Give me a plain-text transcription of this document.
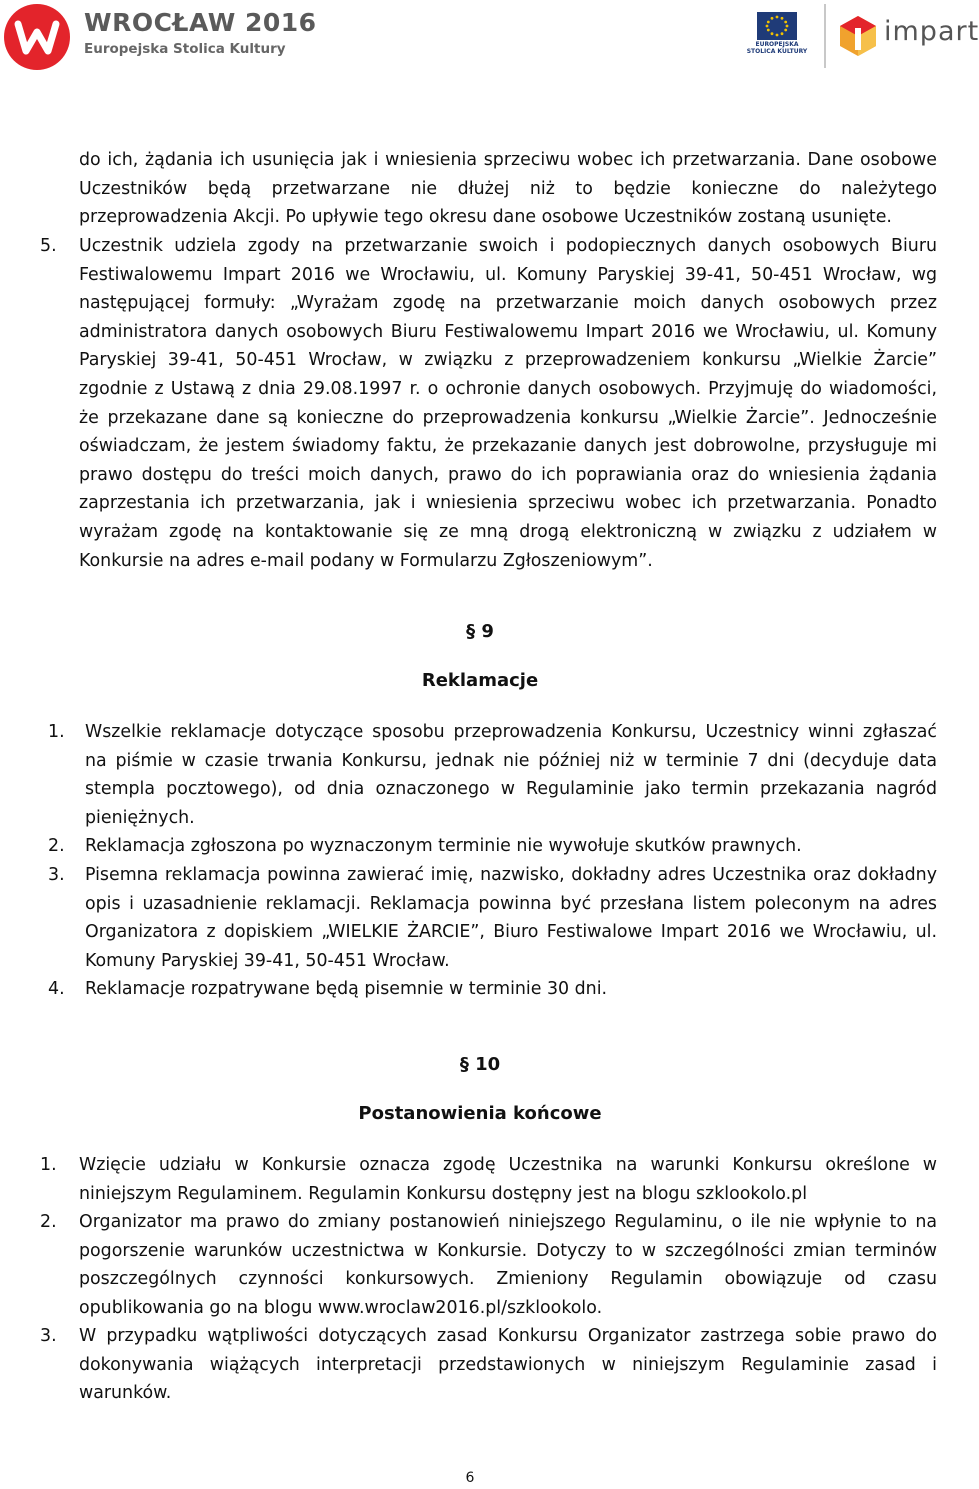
WROCŁAW 2016
Europejska Stolica Kultury	EUROPEJSKA STOLICA KULTURY
impart
do ich, żądania ich usunięcia jak i wniesienia sprzeciwu wobec ich przetwarzania. Dane osobowe Uczestników będą przetwarzane nie dłużej niż to będzie konieczne do należytego przeprowadzenia Akcji. Po upływie tego okresu dane osobowe Uczestników zostaną usunięte.
5. Uczestnik udziela zgody na przetwarzanie swoich i podopiecznych danych osobowych Biuru Festiwalowemu Impart 2016 we Wrocławiu, ul. Komuny Paryskiej 39-41, 50-451 Wrocław, wg następującej formuły: „Wyrażam zgodę na przetwarzanie moich danych osobowych przez administratora danych osobowych Biuru Festiwalowemu Impart 2016 we Wrocławiu, ul. Komuny Paryskiej 39-41, 50-451 Wrocław, w związku z przeprowadzeniem konkursu „Wielkie Żarcie” zgodnie z Ustawą z dnia 29.08.1997 r. o ochronie danych osobowych. Przyjmuję do wiadomości, że przekazane dane są konieczne do przeprowadzenia konkursu „Wielkie Żarcie”. Jednocześnie oświadczam, że jestem świadomy faktu, że przekazanie danych jest dobrowolne, przysługuje mi prawo dostępu do treści moich danych, prawo do ich poprawiania oraz do wniesienia żądania zaprzestania ich przetwarzania, jak i wniesienia sprzeciwu wobec ich przetwarzania. Ponadto wyrażam zgodę na kontaktowanie się ze mną drogą elektroniczną w związku z udziałem w Konkursie na adres e-mail podany w Formularzu Zgłoszeniowym”.
§ 9
Reklamacje
1. Wszelkie reklamacje dotyczące sposobu przeprowadzenia Konkursu, Uczestnicy winni zgłaszać na piśmie w czasie trwania Konkursu, jednak nie później niż w terminie 7 dni (decyduje data stempla pocztowego), od dnia oznaczonego w Regulaminie jako termin przekazania nagród pieniężnych.
2. Reklamacja zgłoszona po wyznaczonym terminie nie wywołuje skutków prawnych.
3. Pisemna reklamacja powinna zawierać imię, nazwisko, dokładny adres Uczestnika oraz dokładny opis i uzasadnienie reklamacji. Reklamacja powinna być przesłana listem poleconym na adres Organizatora z dopiskiem „WIELKIE ŻARCIE”, Biuro Festiwalowe Impart 2016 we Wrocławiu, ul. Komuny Paryskiej 39-41, 50-451 Wrocław.
4. Reklamacje rozpatrywane będą pisemnie w terminie 30 dni.
§ 10
Postanowienia końcowe
1. Wzięcie udziału w Konkursie oznacza zgodę Uczestnika na warunki Konkursu określone w niniejszym Regulaminem. Regulamin Konkursu dostępny jest na blogu szklookolo.pl
2. Organizator ma prawo do zmiany postanowień niniejszego Regulaminu, o ile nie wpłynie to na pogorszenie warunków uczestnictwa w Konkursie. Dotyczy to w szczególności zmian terminów poszczególnych czynności konkursowych. Zmieniony Regulamin obowiązuje od czasu opublikowania go na blogu www.wroclaw2016.pl/szklookolo.
3. W przypadku wątpliwości dotyczących zasad Konkursu Organizator zastrzega sobie prawo do dokonywania wiążących interpretacji przedstawionych w niniejszym Regulaminie zasad i warunków.
6
